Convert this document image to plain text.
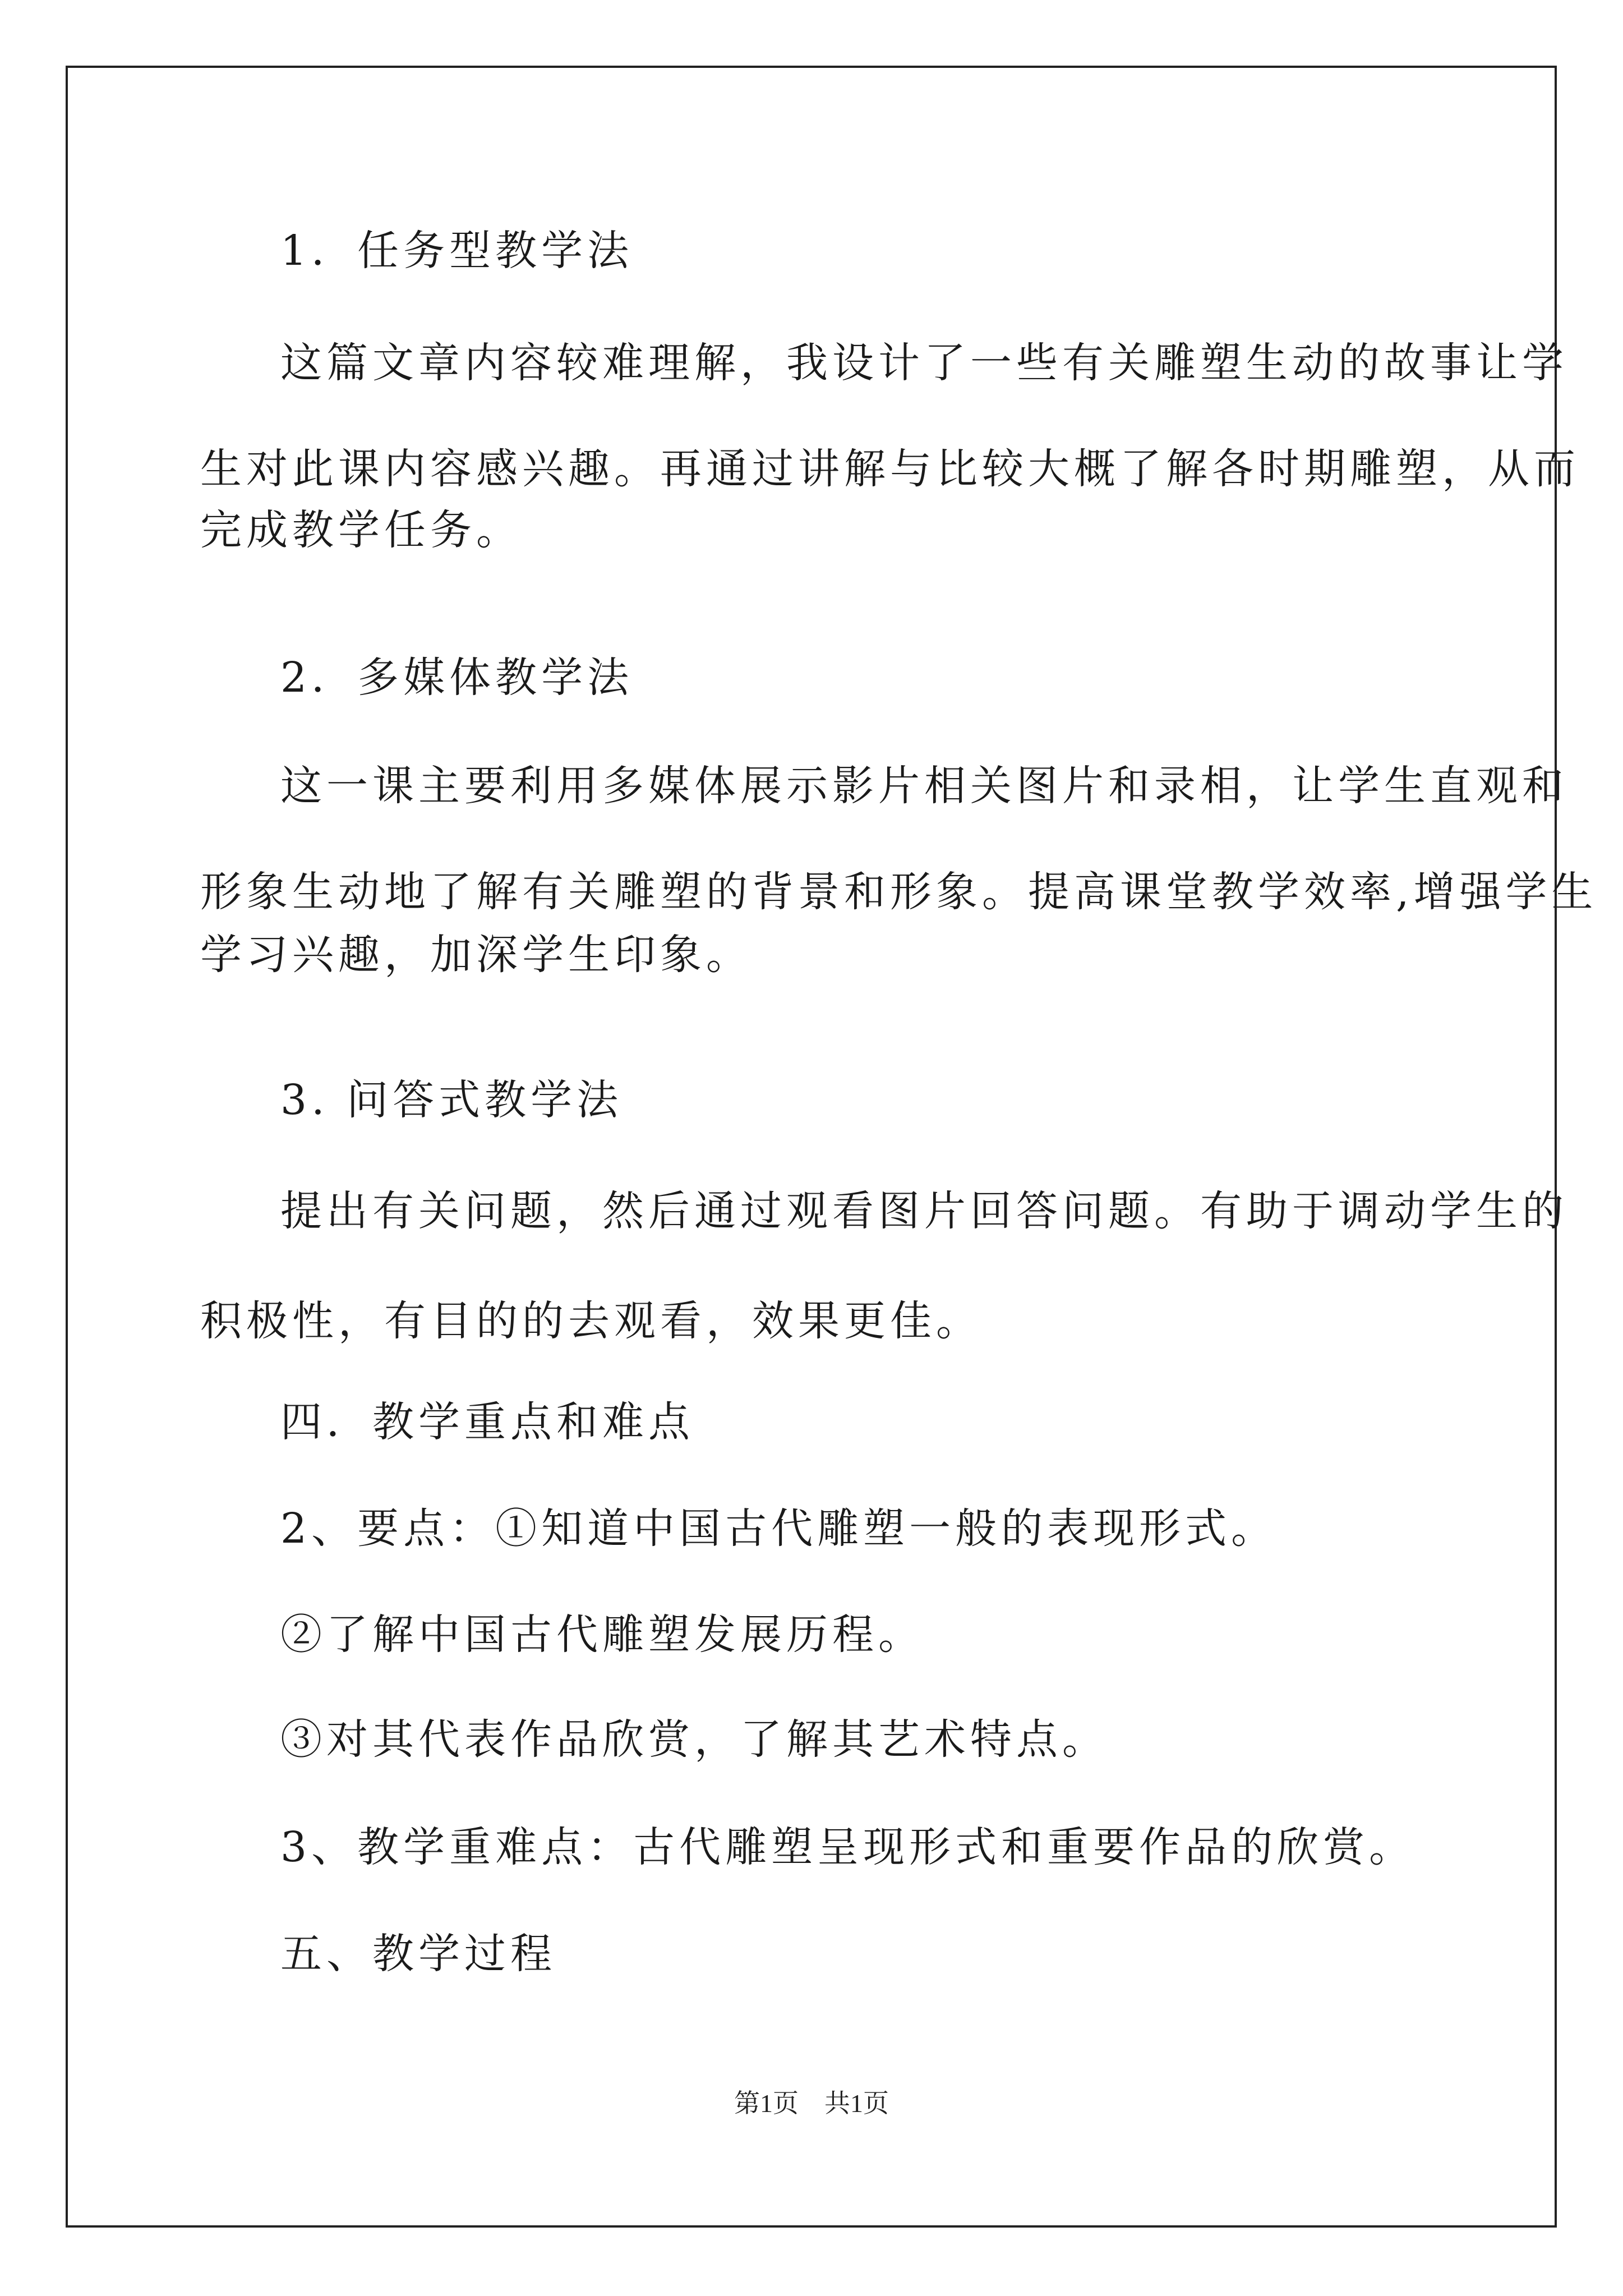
1．任务型教学法
这篇文章内容较难理解，我设计了一些有关雕塑生动的故事让学
生对此课内容感兴趣。再通过讲解与比较大概了解各时期雕塑，从而
完成教学任务。
2．多媒体教学法
这一课主要利用多媒体展示影片相关图片和录相，让学生直观和
形象生动地了解有关雕塑的背景和形象。提高课堂教学效率,增强学生
学习兴趣，加深学生印象。
3. 问答式教学法
提出有关问题，然后通过观看图片回答问题。有助于调动学生的
积极性，有目的的去观看，效果更佳。
四．教学重点和难点
2、要点：①知道中国古代雕塑一般的表现形式。
②了解中国古代雕塑发展历程。
③对其代表作品欣赏，了解其艺术特点。
3、教学重难点：古代雕塑呈现形式和重要作品的欣赏。
五、教学过程
第1页　共1页
